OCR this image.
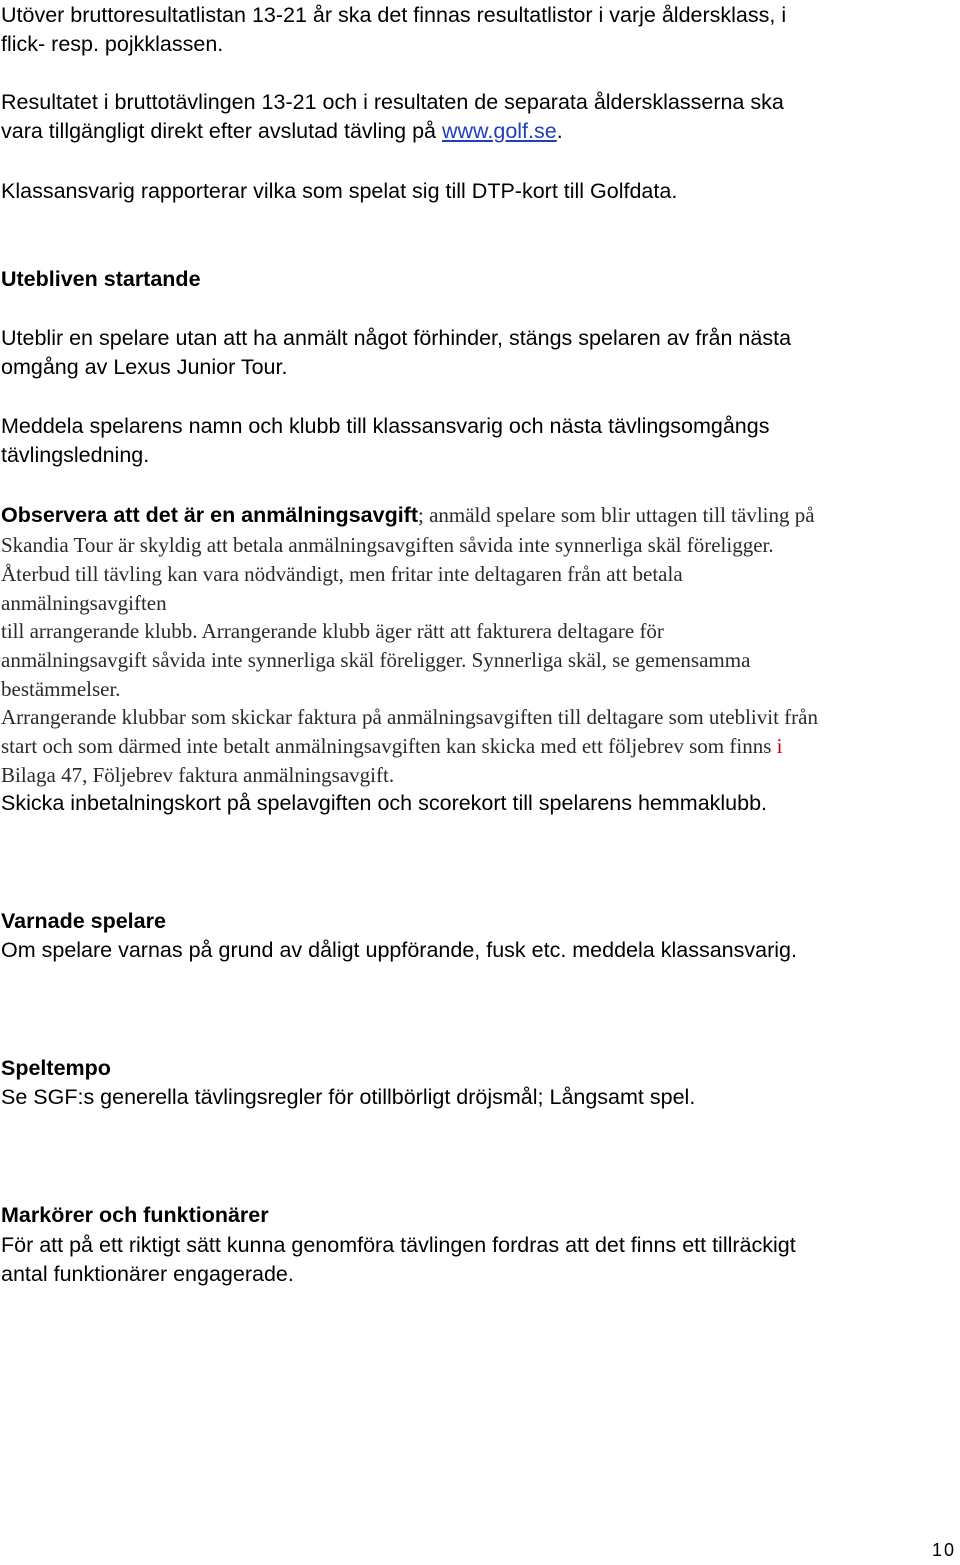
Utöver bruttoresultatlistan 13-21 år ska det finnas resultatlistor i varje åldersklass, i
flick- resp. pojkklassen.
Resultatet i bruttotävlingen 13-21 och i resultaten de separata åldersklasserna ska
vara tillgängligt direkt efter avslutad tävling på www.golf.se.
Klassansvarig rapporterar vilka som spelat sig till DTP-kort till Golfdata.
Utebliven startande
Uteblir en spelare utan att ha anmält något förhinder, stängs spelaren av från nästa
omgång av Lexus Junior Tour.
Meddela spelarens namn och klubb till klassansvarig och nästa tävlingsomgångs
tävlingsledning.
Observera att det är en anmälningsavgift; anmäld spelare som blir uttagen till tävling på
Skandia Tour är skyldig att betala anmälningsavgiften såvida inte synnerliga skäl föreligger.
Återbud till tävling kan vara nödvändigt, men fritar inte deltagaren från att betala
anmälningsavgiften
till arrangerande klubb. Arrangerande klubb äger rätt att fakturera deltagare för
anmälningsavgift såvida inte synnerliga skäl föreligger. Synnerliga skäl, se gemensamma
bestämmelser.
Arrangerande klubbar som skickar faktura på anmälningsavgiften till deltagare som uteblivit från
start och som därmed inte betalt anmälningsavgiften kan skicka med ett följebrev som finns i
Bilaga 47, Följebrev faktura anmälningsavgift.
Skicka inbetalningskort på spelavgiften och scorekort till spelarens hemmaklubb.
Varnade spelare
Om spelare varnas på grund av dåligt uppförande, fusk etc. meddela klassansvarig.
Speltempo
Se SGF:s generella tävlingsregler för otillbörligt dröjsmål; Långsamt spel.
Markörer och funktionärer
För att på ett riktigt sätt kunna genomföra tävlingen fordras att det finns ett tillräckigt
antal funktionärer engagerade.
10
